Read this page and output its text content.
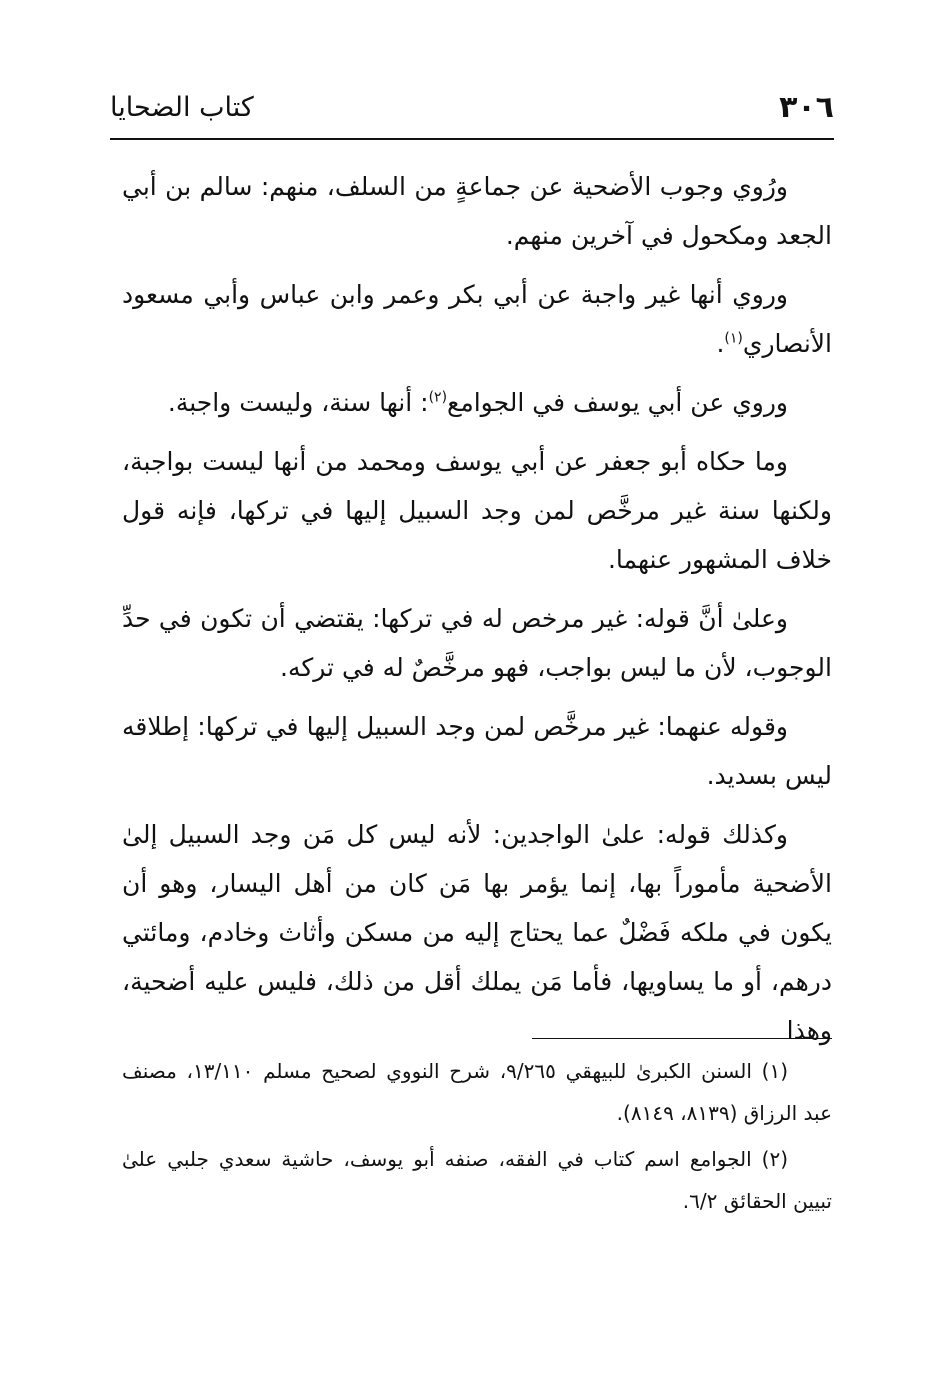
٣٠٦
كتاب الضحايا

ورُوي وجوب الأضحية عن جماعةٍ من السلف، منهم: سالم بن أبي الجعد ومكحول في آخرين منهم.

وروي أنها غير واجبة عن أبي بكر وعمر وابن عباس وأبي مسعود الأنصاري$^{(١)}$.

وروي عن أبي يوسف في الجوامع$^{(٢)}$: أنها سنة، وليست واجبة.

وما حكاه أبو جعفر عن أبي يوسف ومحمد من أنها ليست بواجبة، ولكنها سنة غير مرخَّص لمن وجد السبيل إليها في تركها، فإنه قول خلاف المشهور عنهما.

وعلىٰ أنَّ قوله: غير مرخص له في تركها: يقتضي أن تكون في حدِّ الوجوب، لأن ما ليس بواجب، فهو مرخَّصٌ له في تركه.

وقوله عنهما: غير مرخَّص لمن وجد السبيل إليها في تركها: إطلاقه ليس بسديد.

وكذلك قوله: علىٰ الواجدين: لأنه ليس كل مَن وجد السبيل إلىٰ الأضحية مأموراً بها، إنما يؤمر بها مَن كان من أهل اليسار، وهو أن يكون في ملكه فَضْلٌ عما يحتاج إليه من مسكن وأثاث وخادم، ومائتي درهم، أو ما يساويها، فأما مَن يملك أقل من ذلك، فليس عليه أضحية، وهذا

(١) السنن الكبرىٰ للبيهقي ٩/٢٦٥، شرح النووي لصحيح مسلم ١٣/١١٠، مصنف عبد الرزاق (٨١٣٩، ٨١٤٩).

(٢) الجوامع اسم كتاب في الفقه، صنفه أبو يوسف، حاشية سعدي جلبي علىٰ تبيين الحقائق ٦/٢.
